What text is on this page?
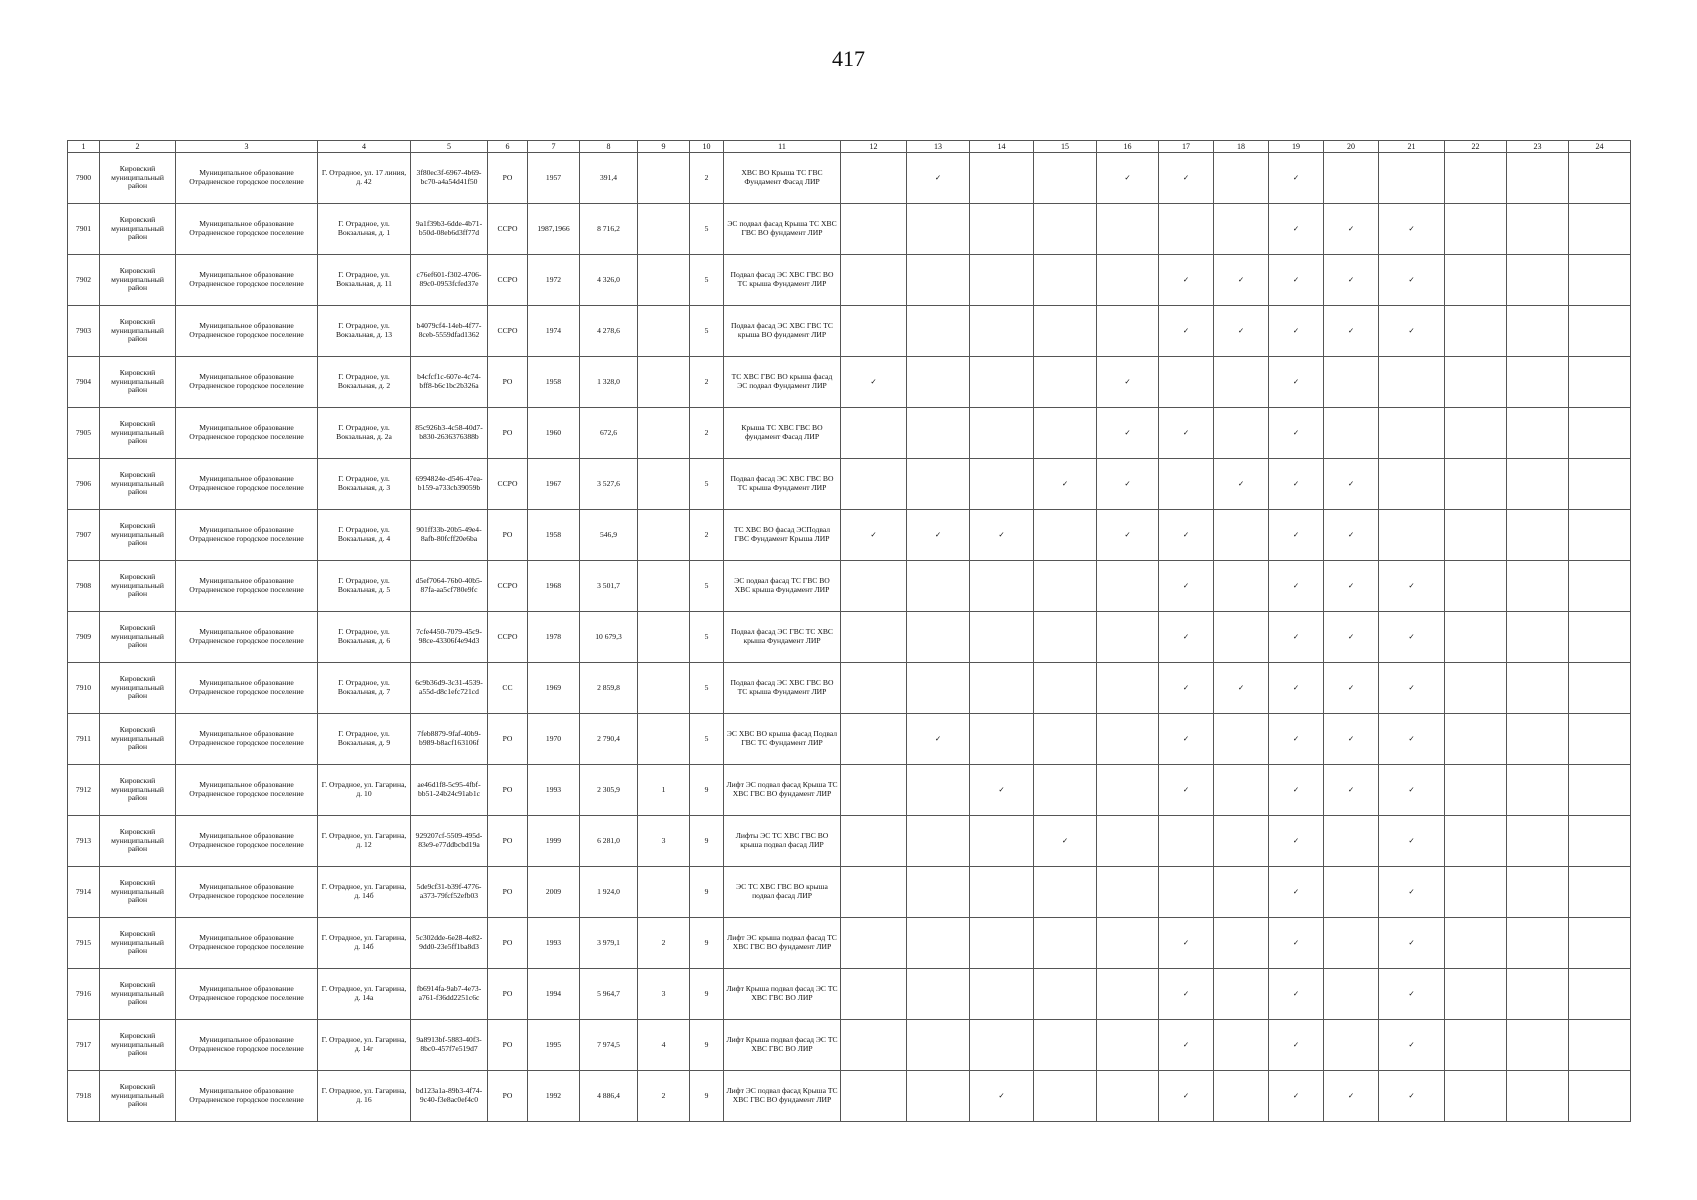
417
1	2	3	4	5	6	7	8	9	10	11	12	13	14	15	16	17	18	19	20	21	22	23	24
7900	Кировский муниципальный район	Муниципальное образование Отрадненское городское поселение	Г. Отрадное, ул. 17 линия, д. 42	3f80ec3f-6967-4b69-bc70-a4a54d41f50	РО	1957	391,4		2	ХВС ВО Крыша ТС ГВС Фундамент Фасад ЛИР		✓			✓	✓		✓					
7901	Кировский муниципальный район	Муниципальное образование Отрадненское городское поселение	Г. Отрадное, ул. Вокзальная, д. 1	9a1f39b3-6dde-4b71-b50d-08eb6d3ff77d	ССРО	1987,1966	8 716,2		5	ЭС подвал фасад Крыша ТС ХВС ГВС ВО фундамент ЛИР								✓	✓	✓			
7902	Кировский муниципальный район	Муниципальное образование Отрадненское городское поселение	Г. Отрадное, ул. Вокзальная, д. 11	c76ef601-f302-4706-89c0-0953fcfed37e	ССРО	1972	4 326,0		5	Подвал фасад ЭС ХВС ГВС ВО ТС крыша Фундамент ЛИР						✓	✓	✓	✓	✓			
7903	Кировский муниципальный район	Муниципальное образование Отрадненское городское поселение	Г. Отрадное, ул. Вокзальная, д. 13	b4079cf4-14eb-4f77-8ceb-5559dfad1362	ССРО	1974	4 278,6		5	Подвал фасад ЭС ХВС ГВС ТС крыша ВО фундамент ЛИР						✓	✓	✓	✓	✓			
7904	Кировский муниципальный район	Муниципальное образование Отрадненское городское поселение	Г. Отрадное, ул. Вокзальная, д. 2	b4cfcf1c-607e-4c74-bff8-b6c1bc2b326a	РО	1958	1 328,0		2	ТС ХВС ГВС ВО крыша фасад ЭС подвал Фундамент ЛИР	✓				✓			✓					
7905	Кировский муниципальный район	Муниципальное образование Отрадненское городское поселение	Г. Отрадное, ул. Вокзальная, д. 2а	85c926b3-4c58-40d7-b830-2636376388b	РО	1960	672,6		2	Крыша ТС ХВС ГВС ВО фундамент Фасад ЛИР					✓	✓		✓					
7906	Кировский муниципальный район	Муниципальное образование Отрадненское городское поселение	Г. Отрадное, ул. Вокзальная, д. 3	6994824e-d546-47ea-b159-a733cb39059b	ССРО	1967	3 527,6		5	Подвал фасад ЭС ХВС ГВС ВО ТС крыша Фундамент ЛИР				✓	✓		✓	✓	✓				
7907	Кировский муниципальный район	Муниципальное образование Отрадненское городское поселение	Г. Отрадное, ул. Вокзальная, д. 4	901ff33b-20b5-49e4-8afb-80fcff20e6ba	РО	1958	546,9		2	ТС ХВС ВО фасад ЭСПодвал ГВС Фундамент Крыша ЛИР	✓	✓	✓		✓	✓		✓	✓				
7908	Кировский муниципальный район	Муниципальное образование Отрадненское городское поселение	Г. Отрадное, ул. Вокзальная, д. 5	d5ef7064-76b0-40b5-87fa-aa5cf780e9fc	ССРО	1968	3 501,7		5	ЭС подвал фасад ТС ГВС ВО ХВС крыша Фундамент ЛИР						✓		✓	✓	✓			
7909	Кировский муниципальный район	Муниципальное образование Отрадненское городское поселение	Г. Отрадное, ул. Вокзальная, д. 6	7cfe4450-7079-45c9-98ce-43306f4e94d3	ССРО	1978	10 679,3		5	Подвал фасад ЭС ГВС ТС ХВС крыша Фундамент ЛИР						✓		✓	✓	✓			
7910	Кировский муниципальный район	Муниципальное образование Отрадненское городское поселение	Г. Отрадное, ул. Вокзальная, д. 7	6c9b36d9-3c31-4539-a55d-d8c1efc721cd	СС	1969	2 859,8		5	Подвал фасад ЭС ХВС ГВС ВО ТС крыша Фундамент ЛИР						✓	✓	✓	✓	✓			
7911	Кировский муниципальный район	Муниципальное образование Отрадненское городское поселение	Г. Отрадное, ул. Вокзальная, д. 9	7feb8879-9faf-40b9-b989-b8acf163106f	РО	1970	2 790,4		5	ЭС ХВС ВО крыша фасад Подвал ГВС ТС Фундамент ЛИР		✓				✓		✓	✓	✓			
7912	Кировский муниципальный район	Муниципальное образование Отрадненское городское поселение	Г. Отрадное, ул. Гагарина, д. 10	ae46d1f8-5c95-4fbf-bb51-24b24c91ab1c	РО	1993	2 305,9	1	9	Лифт ЭС подвал фасад Крыша ТС ХВС ГВС ВО фундамент ЛИР			✓			✓		✓	✓	✓			
7913	Кировский муниципальный район	Муниципальное образование Отрадненское городское поселение	Г. Отрадное, ул. Гагарина, д. 12	929207cf-5509-495d-83e9-e77ddbcbd19a	РО	1999	6 281,0	3	9	Лифты ЭС ТС ХВС ГВС ВО крыша подвал фасад ЛИР				✓				✓		✓			
7914	Кировский муниципальный район	Муниципальное образование Отрадненское городское поселение	Г. Отрадное, ул. Гагарина, д. 14б	5de9cf31-b39f-4776-a373-79fcf52efb03	РО	2009	1 924,0		9	ЭС ТС ХВС ГВС ВО крыша подвал фасад ЛИР								✓		✓			
7915	Кировский муниципальный район	Муниципальное образование Отрадненское городское поселение	Г. Отрадное, ул. Гагарина, д. 14б	5c302dde-6e28-4e82-9dd0-23e5ff1ba8d3	РО	1993	3 979,1	2	9	Лифт ЭС крыша подвал фасад ТС ХВС ГВС ВО фундамент ЛИР						✓		✓		✓			
7916	Кировский муниципальный район	Муниципальное образование Отрадненское городское поселение	Г. Отрадное, ул. Гагарина, д. 14а	fb6914fa-9ab7-4e73-a761-f36dd2251c6c	РО	1994	5 964,7	3	9	Лифт Крыша подвал фасад ЭС ТС ХВС ГВС ВО ЛИР						✓		✓		✓			
7917	Кировский муниципальный район	Муниципальное образование Отрадненское городское поселение	Г. Отрадное, ул. Гагарина, д. 14г	9a8913bf-5883-40f3-8bc0-457f7e519d7	РО	1995	7 974,5	4	9	Лифт Крыша подвал фасад ЭС ТС ХВС ГВС ВО ЛИР						✓		✓		✓			
7918	Кировский муниципальный район	Муниципальное образование Отрадненское городское поселение	Г. Отрадное, ул. Гагарина, д. 16	bd123a1a-89b3-4f74-9c40-f3e8ac0ef4c0	РО	1992	4 886,4	2	9	Лифт ЭС подвал фасад Крыша ТС ХВС ГВС ВО фундамент ЛИР			✓			✓		✓	✓	✓			
